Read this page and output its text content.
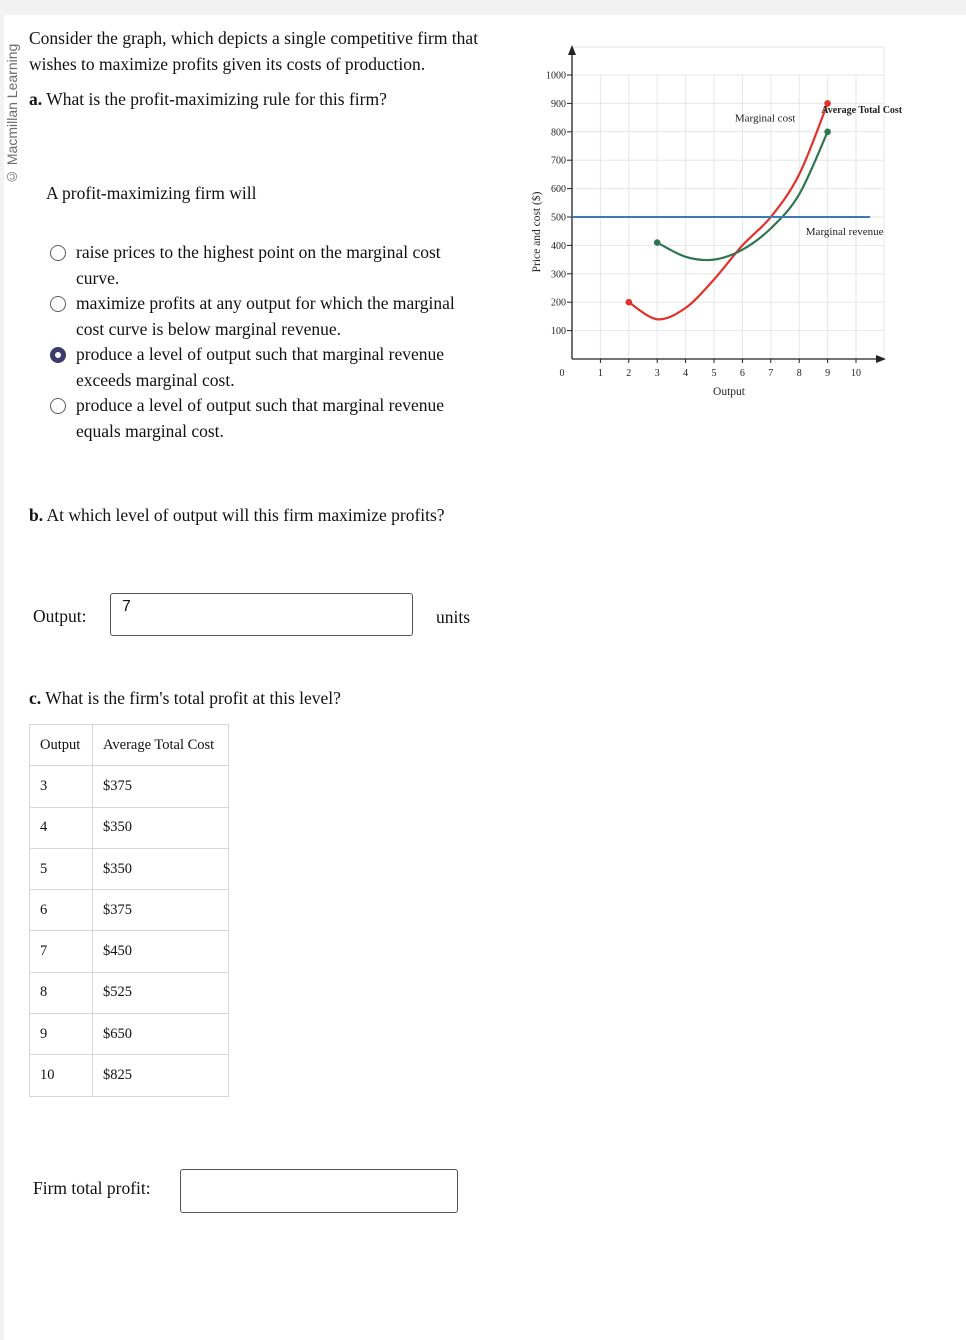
© Macmillan Learning
Consider the graph, which depicts a single competitive firm that wishes to maximize profits given its costs of production.
a. What is the profit-maximizing rule for this firm?
A profit-maximizing firm will
raise prices to the highest point on the marginal cost curve.
maximize profits at any output for which the marginal cost curve is below marginal revenue.
produce a level of output such that marginal revenue exceeds marginal cost.
produce a level of output such that marginal revenue equals marginal cost.
b. At which level of output will this firm maximize profits?
Output:	7
units
c. What is the firm's total profit at this level?
Output	Average Total Cost
3	$375
4	$350
5	$350
6	$375
7	$450
8	$525
9	$650
10	$825
Firm total profit:
100
200
300
400
500
600
700
800
900
1000
0	1 2 3 4 5 6 7 8 9 10
Output
Price and cost ($)
Marginal cost
Average Total Cost
Marginal revenue
